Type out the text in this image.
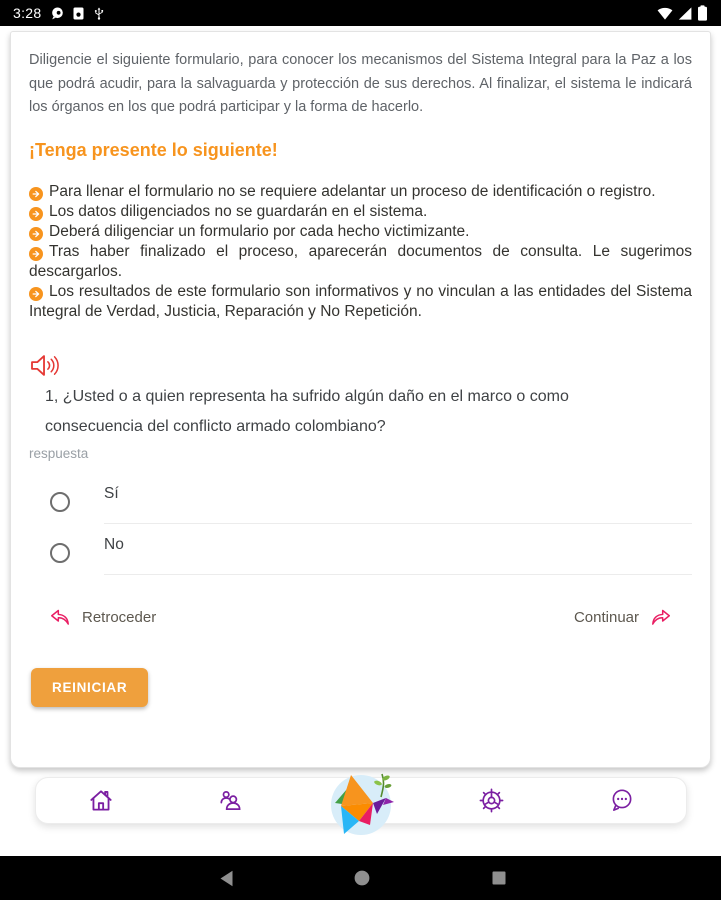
3:28

Diligencie el siguiente formulario, para conocer los mecanismos del Sistema Integral para la Paz a los que podrá acudir, para la salvaguarda y protección de sus derechos. Al finalizar, el sistema le indicará los órganos en los que podrá participar y la forma de hacerlo.

¡Tenga presente lo siguiente!
Para llenar el formulario no se requiere adelantar un proceso de identificación o registro.
Los datos diligenciados no se guardarán en el sistema.
Deberá diligenciar un formulario por cada hecho victimizante.
Tras haber finalizado el proceso, aparecerán documentos de consulta. Le sugerimos descargarlos.
Los resultados de este formulario son informativos y no vinculan a las entidades del Sistema Integral de Verdad, Justicia, Reparación y No Repetición.

1, ¿Usted o a quien representa ha sufrido algún daño en el marco o como consecuencia del conflicto armado colombiano?

respuesta
Sí
No
Retroceder	Continuar
REINICIAR
